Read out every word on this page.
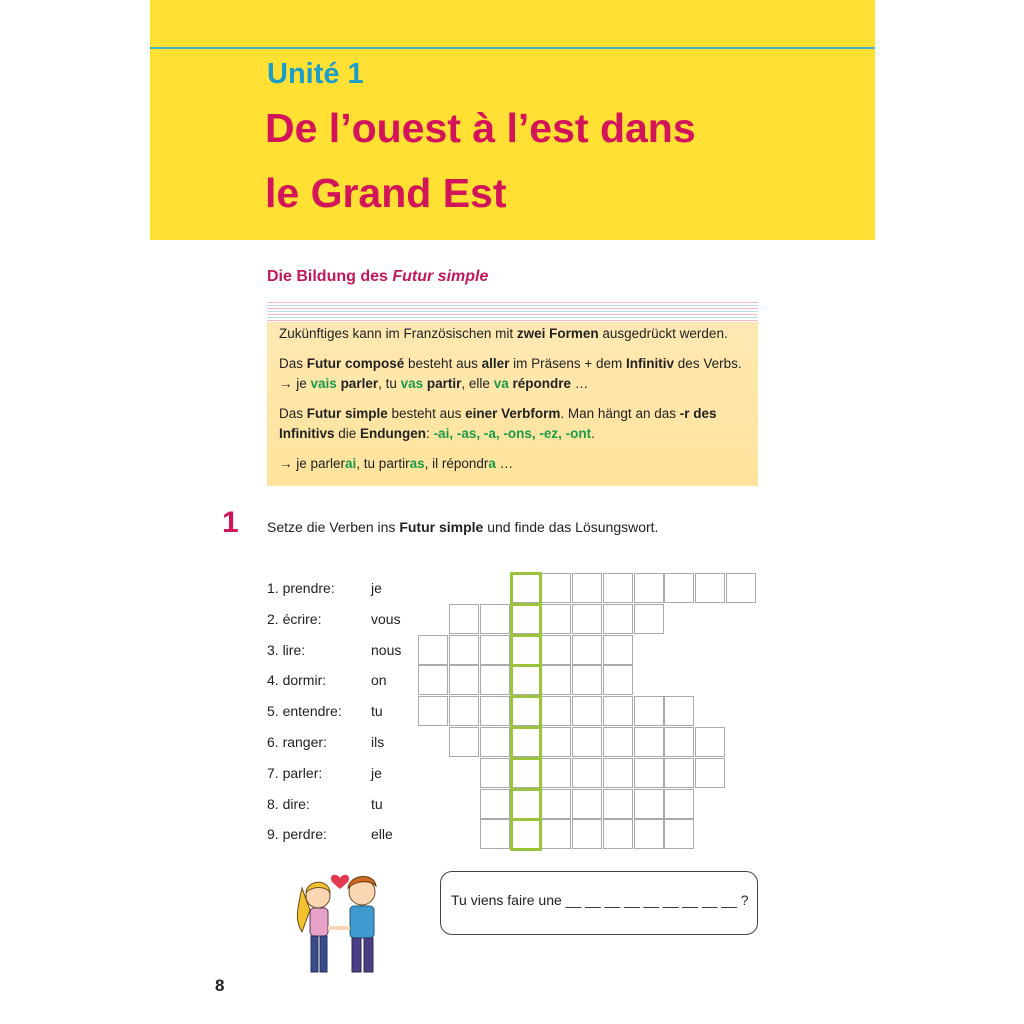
Unité 1
De l’ouest à l’est dans
le Grand Est
Die Bildung des Futur simple

Zukünftiges kann im Französischen mit zwei Formen ausgedrückt werden.

Das Futur composé besteht aus aller im Präsens + dem Infinitiv des Verbs.
→ je vais parler, tu vas partir, elle va répondre …

Das Futur simple besteht aus einer Verbform. Man hängt an das -r des Infinitivs die Endungen: -ai, -as, -a, -ons, -ez, -ont.

→ je parlerai, tu partiras, il répondra …

1 Setze die Verben ins Futur simple und finde das Lösungswort.
1. prendre:	je
2. écrire:	vous
3. lire:	nous
4. dormir:	on
5. entendre: tu
6. ranger:	ils
7. parler:	je
8. dire:	tu
9. perdre:	elle
Tu viens faire une __ __ __ __ __ __ __ __ __ ?
8
